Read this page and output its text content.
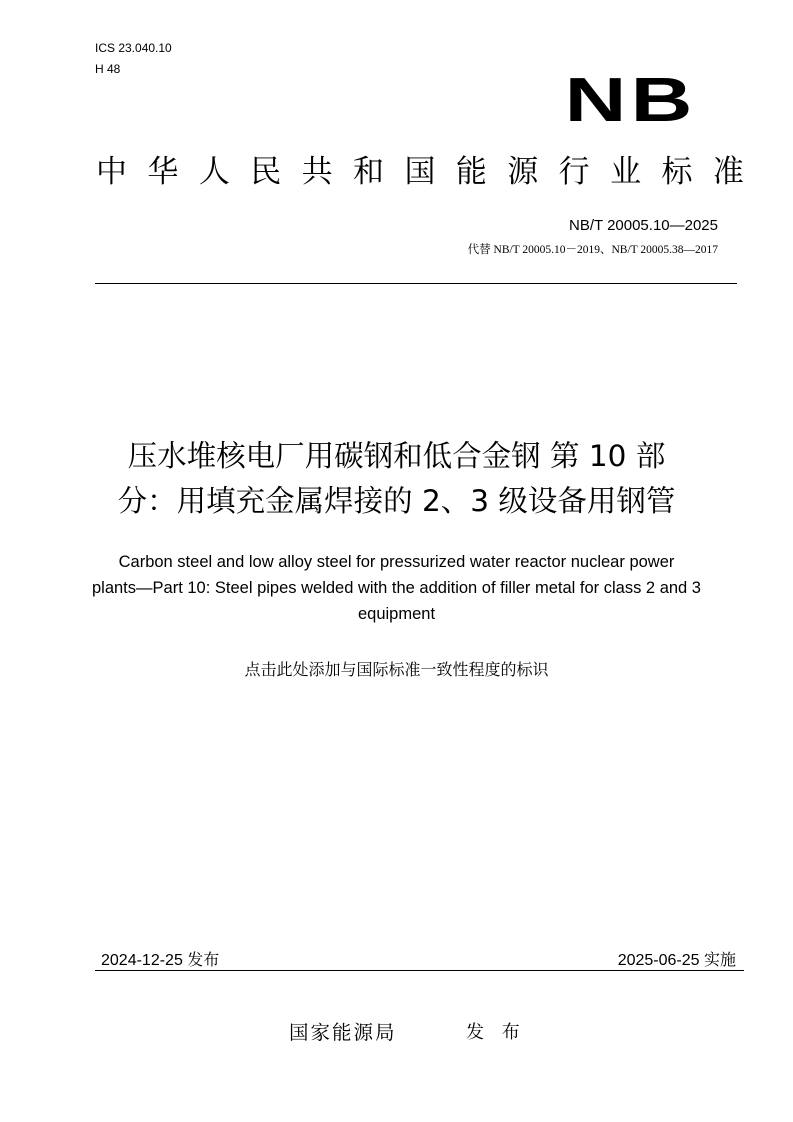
ICS 23.040.10
H 48	NB
中 华 人 民 共 和 国 能 源 行 业 标 准
NB/T 20005.10—2025
代替 NB/T 20005.10－2019、NB/T 20005.38—2017
压水堆核电厂用碳钢和低合金钢 第 10 部
分：用填充金属焊接的 2、3 级设备用钢管
Carbon steel and low alloy steel for pressurized water reactor nuclear power
plants—Part 10: Steel pipes welded with the addition of filler metal for class 2 and 3
equipment
点击此处添加与国际标准一致性程度的标识
2024-12-25 发布	2025-06-25 实施
国家能源局	发 布
